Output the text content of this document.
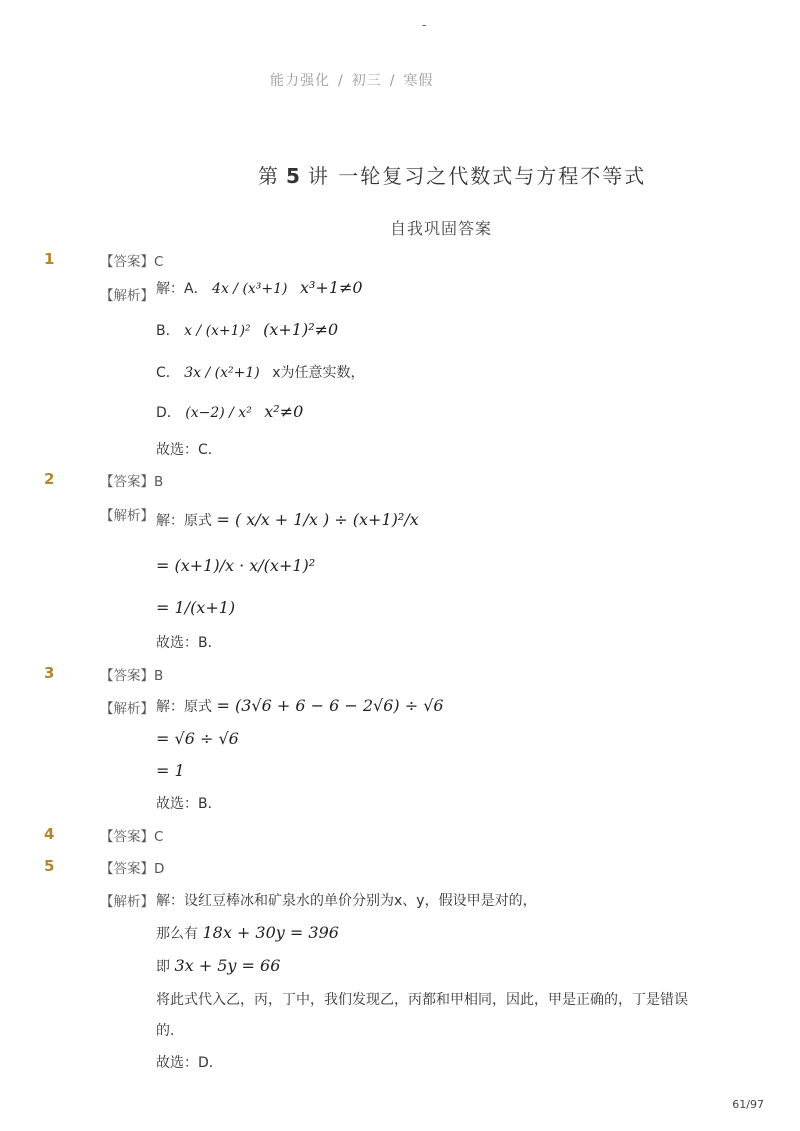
-
能力强化 / 初三 / 寒假
第 5 讲 一轮复习之代数式与方程不等式
自我巩固答案
1	【答案】C
【解析】 解：A． 4x / (x³+1) x³+1≠0
B． x / (x+1)² (x+1)²≠0
C． 3x / (x²+1) x为任意实数，
D． (x−2) / x² x²≠0
故选：C．
2	【答案】B
【解析】 解：原式 = ( x/x + 1/x ) ÷ (x+1)²/x
= (x+1)/x · x/(x+1)²
= 1/(x+1)
故选：B．
3	【答案】B
【解析】 解：原式 = (3√6 + 6 − 6 − 2√6) ÷ √6
= √6 ÷ √6
= 1
故选：B．
4	【答案】C
5	【答案】D
【解析】 解：设红豆棒冰和矿泉水的单价分别为x、y，假设甲是对的，
那么有 18x + 30y = 396
即 3x + 5y = 66
将此式代入乙，丙，丁中，我们发现乙，丙都和甲相同，因此，甲是正确的，丁是错误
的．
故选：D．
61/97
